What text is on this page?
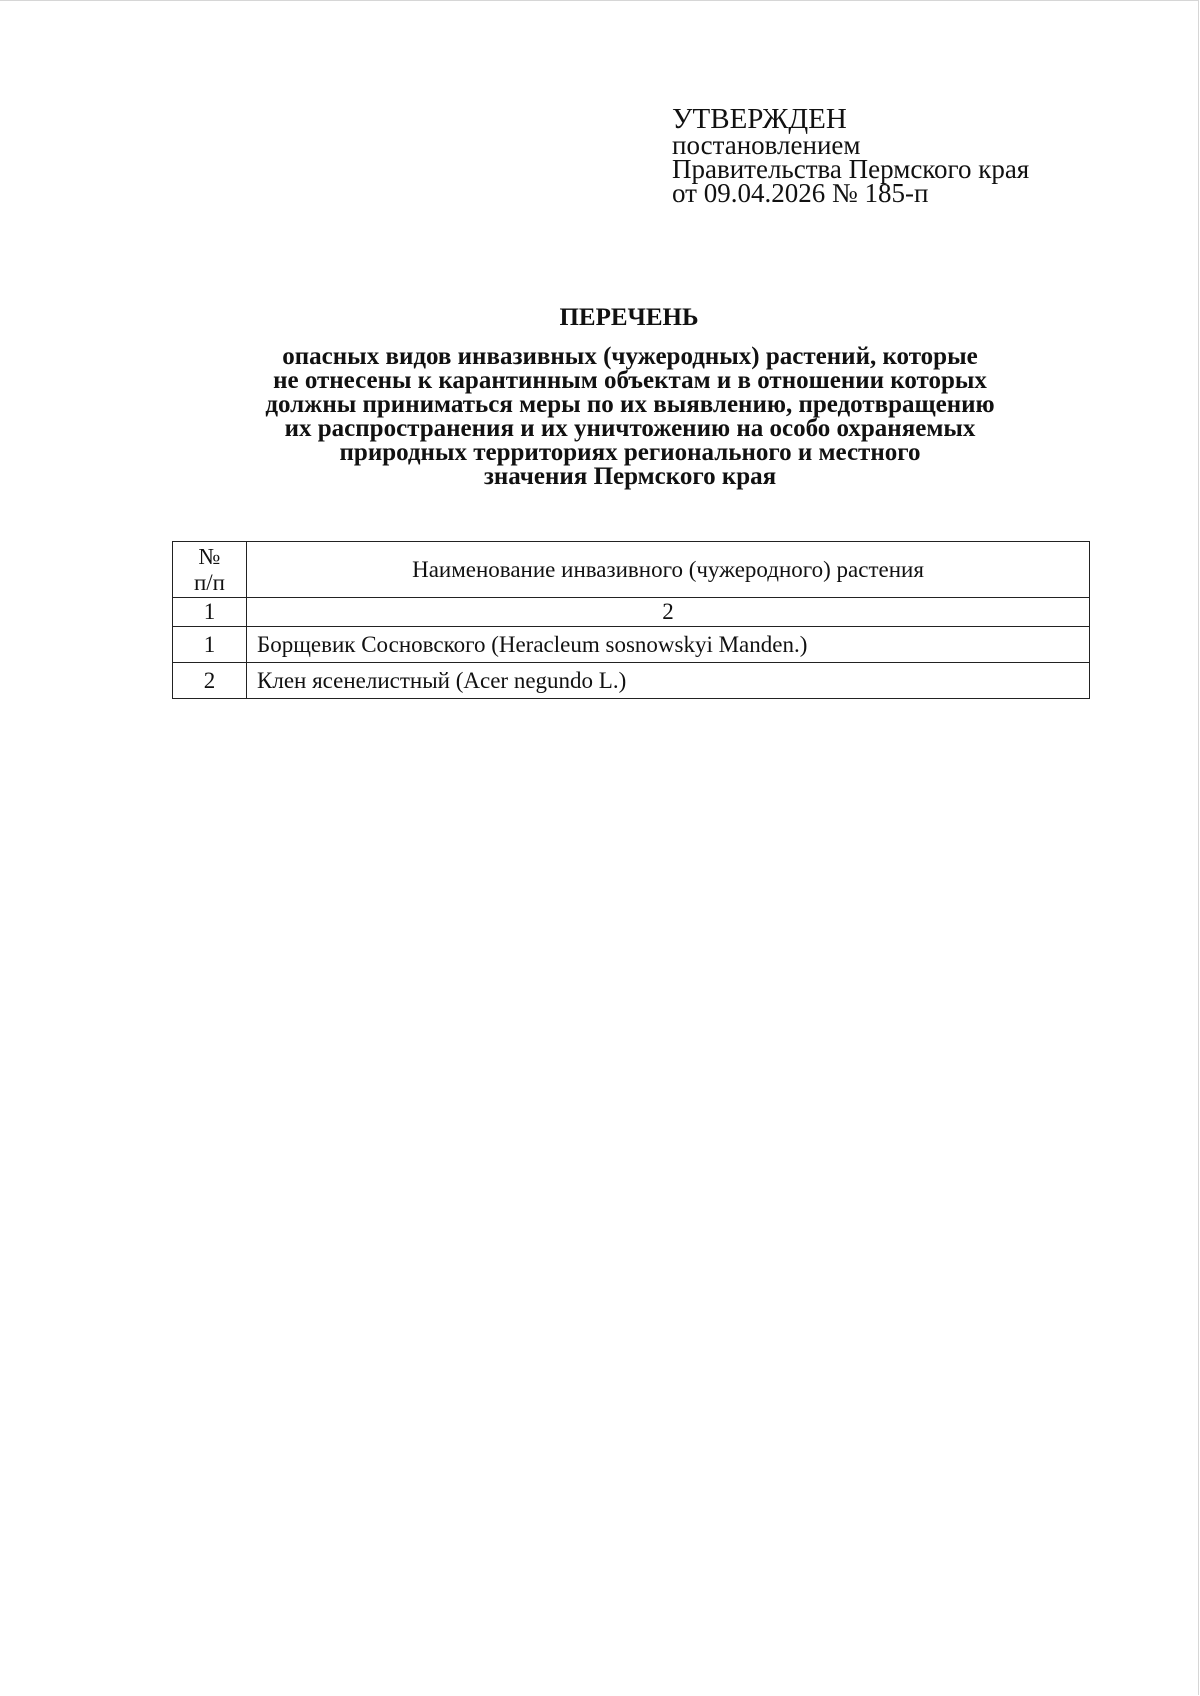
УТВЕРЖДЕН
постановлением
Правительства Пермского края
от 09.04.2026 № 185-п
ПЕРЕЧЕНЬ
опасных видов инвазивных (чужеродных) растений, которые
не отнесены к карантинным объектам и в отношении которых
должны приниматься меры по их выявлению, предотвращению
их распространения и их уничтожению на особо охраняемых
природных территориях регионального и местного
значения Пермского края
№
п/п	Наименование инвазивного (чужеродного) растения
1	2
1	Борщевик Сосновского (Heracleum sosnowskyi Manden.)
2	Клен ясенелистный (Acer negundo L.)
